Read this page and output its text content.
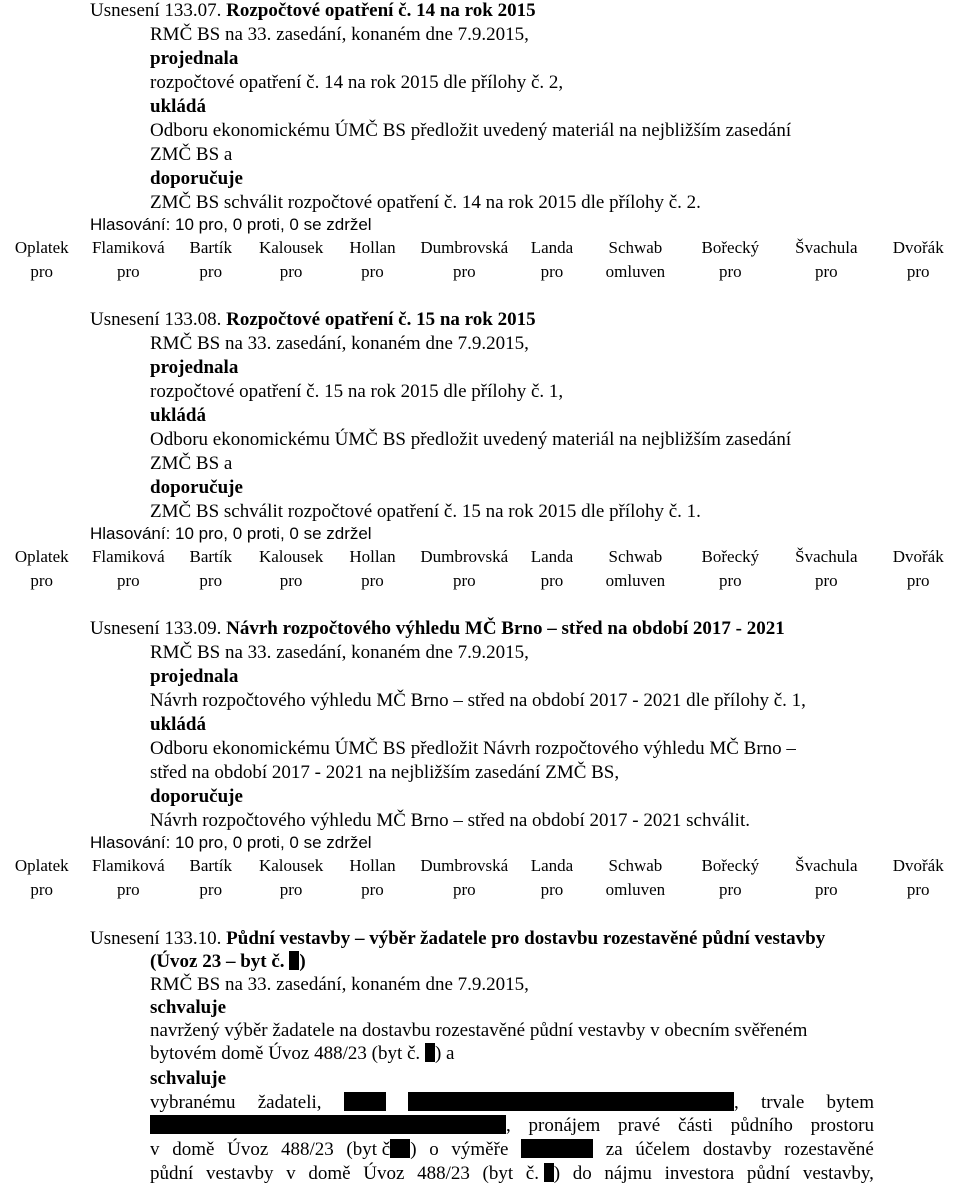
Usnesení 133.07. Rozpočtové opatření č. 14 na rok 2015
RMČ BS na 33. zasedání, konaném dne 7.9.2015,
projednala
rozpočtové opatření č. 14 na rok 2015 dle přílohy č. 2,
ukládá
Odboru ekonomickému ÚMČ BS předložit uvedený materiál na nejbližším zasedání
ZMČ BS a
doporučuje
ZMČ BS schválit rozpočtové opatření č. 14 na rok 2015 dle přílohy č. 2.
Hlasování: 10 pro, 0 proti, 0 se zdržel
Oplatek	Flamiková	Bartík	Kalousek	Hollan	Dumbrovská	Landa	Schwab	Bořecký	Švachula	Dvořák
pro	pro	pro	pro	pro	pro	pro	omluven	pro	pro	pro
Usnesení 133.08. Rozpočtové opatření č. 15 na rok 2015
RMČ BS na 33. zasedání, konaném dne 7.9.2015,
projednala
rozpočtové opatření č. 15 na rok 2015 dle přílohy č. 1,
ukládá
Odboru ekonomickému ÚMČ BS předložit uvedený materiál na nejbližším zasedání
ZMČ BS a
doporučuje
ZMČ BS schválit rozpočtové opatření č. 15 na rok 2015 dle přílohy č. 1.
Hlasování: 10 pro, 0 proti, 0 se zdržel
Oplatek	Flamiková	Bartík	Kalousek	Hollan	Dumbrovská	Landa	Schwab	Bořecký	Švachula	Dvořák
pro	pro	pro	pro	pro	pro	pro	omluven	pro	pro	pro
Usnesení 133.09. Návrh rozpočtového výhledu MČ Brno – střed na období 2017 - 2021
RMČ BS na 33. zasedání, konaném dne 7.9.2015,
projednala
Návrh rozpočtového výhledu MČ Brno – střed na období 2017 - 2021 dle přílohy č. 1,
ukládá
Odboru ekonomickému ÚMČ BS předložit Návrh rozpočtového výhledu MČ Brno –
střed na období 2017 - 2021 na nejbližším zasedání ZMČ BS,
doporučuje
Návrh rozpočtového výhledu MČ Brno – střed na období 2017 - 2021 schválit.
Hlasování: 10 pro, 0 proti, 0 se zdržel
Oplatek	Flamiková	Bartík	Kalousek	Hollan	Dumbrovská	Landa	Schwab	Bořecký	Švachula	Dvořák
pro	pro	pro	pro	pro	pro	pro	omluven	pro	pro	pro
Usnesení 133.10. Půdní vestavby – výběr žadatele pro dostavbu rozestavěné půdní vestavby
(Úvoz 23 – byt č. )
RMČ BS na 33. zasedání, konaném dne 7.9.2015,
schvaluje
navržený výběr žadatele na dostavbu rozestavěné půdní vestavby v obecním svěřeném
bytovém domě Úvoz 488/23 (byt č. ) a
schvaluje
vybranému žadateli,	, trvale bytem
, pronájem pravé části půdního prostoru
v domě Úvoz 488/23 (byt č ) o výměře	za účelem dostavby rozestavěné
půdní vestavby v domě Úvoz 488/23 (byt č. ) do nájmu investora půdní vestavby,
